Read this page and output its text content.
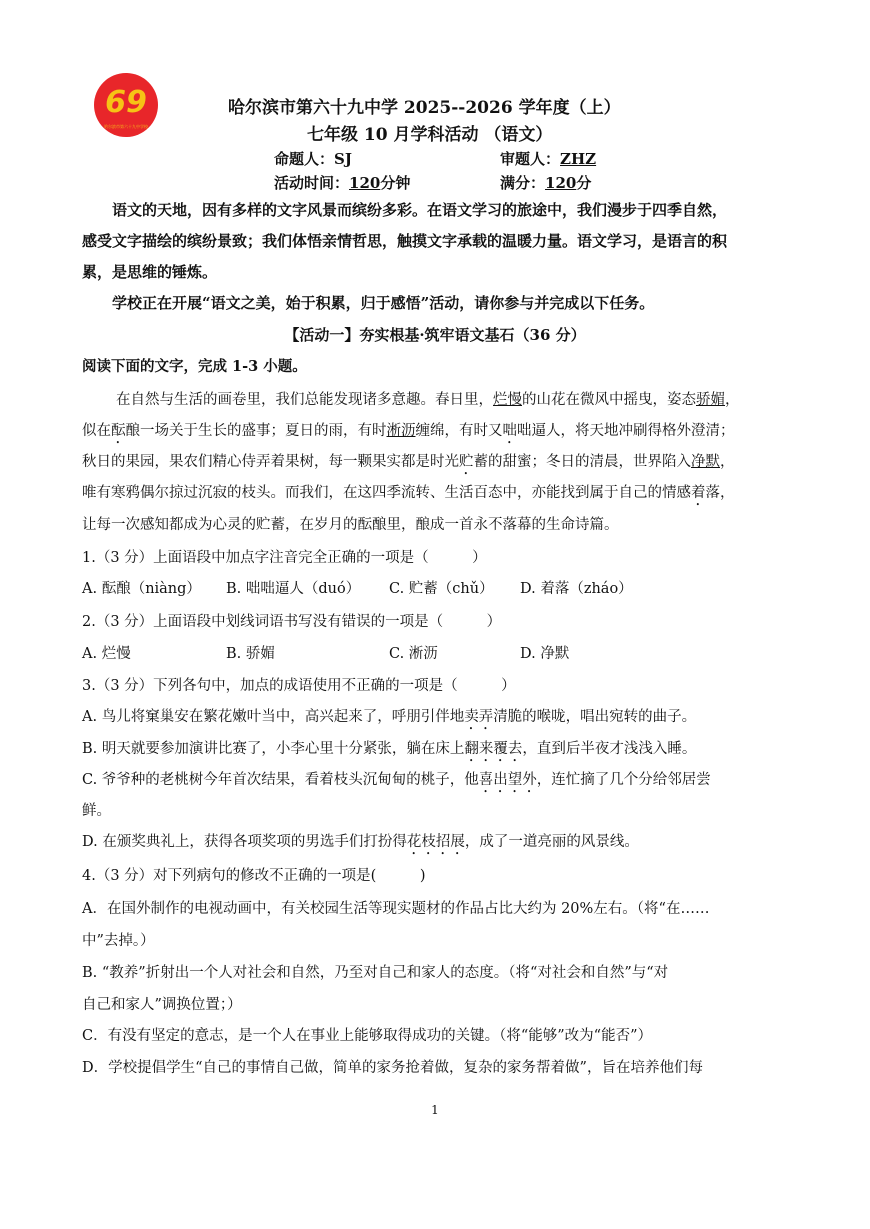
69
哈尔滨市第六十九中学校
哈尔滨市第六十九中学 2025--2026 学年度（上）
七年级 10 月学科活动 （语文）
命题人：SJ	审题人：ZHZ
活动时间：120分钟	满分：120分
语文的天地，因有多样的文字风景而缤纷多彩。在语文学习的旅途中，我们漫步于四季自然，
感受文字描绘的缤纷景致；我们体悟亲情哲思，触摸文字承载的温暖力量。语文学习，是语言的积
累，是思维的锤炼。
学校正在开展“语文之美，始于积累，归于感悟”活动，请你参与并完成以下任务。
【活动一】夯实根基·筑牢语文基石（36 分）
阅读下面的文字，完成 1-3 小题。
在自然与生活的画卷里，我们总能发现诸多意趣。春日里，烂慢的山花在微风中摇曳，姿态骄媚，
似在酝酿一场关于生长的盛事；夏日的雨，有时淅沥缠绵，有时又咄咄逼人，将天地冲刷得格外澄清；
秋日的果园，果农们精心侍弄着果树，每一颗果实都是时光贮蓄的甜蜜；冬日的清晨，世界陷入净默，
唯有寒鸦偶尔掠过沉寂的枝头。而我们，在这四季流转、生活百态中，亦能找到属于自己的情感着落，
让每一次感知都成为心灵的贮蓄，在岁月的酝酿里，酿成一首永不落幕的生命诗篇。
1.（3 分）上面语段中加点字注音完全正确的一项是（　　　）
A. 酝酿（niàng） B. 咄咄逼人（duó） C. 贮蓄（chǔ） D. 着落（zháo）
2.（3 分）上面语段中划线词语书写没有错误的一项是（　　　）
A. 烂慢	B. 骄媚	C. 淅沥	D. 净默
3.（3 分）下列各句中，加点的成语使用不正确的一项是（　　　）
A. 鸟儿将窠巢安在繁花嫩叶当中，高兴起来了，呼朋引伴地卖弄清脆的喉咙，唱出宛转的曲子。
B. 明天就要参加演讲比赛了，小李心里十分紧张，躺在床上翻来覆去，直到后半夜才浅浅入睡。
C. 爷爷种的老桃树今年首次结果，看着枝头沉甸甸的桃子，他喜出望外，连忙摘了几个分给邻居尝
鲜。
D. 在颁奖典礼上，获得各项奖项的男选手们打扮得花枝招展，成了一道亮丽的风景线。
4.（3 分）对下列病句的修改不正确的一项是(　　　)
A．在国外制作的电视动画中，有关校园生活等现实题材的作品占比大约为 20%左右。（将“在……
中”去掉。）
B. “教养”折射出一个人对社会和自然，乃至对自己和家人的态度。（将“对社会和自然”与“对
自己和家人”调换位置；）
C．有没有坚定的意志，是一个人在事业上能够取得成功的关键。（将“能够”改为“能否”）
D．学校提倡学生“自己的事情自己做，简单的家务抢着做，复杂的家务帮着做”，旨在培养他们每
1
